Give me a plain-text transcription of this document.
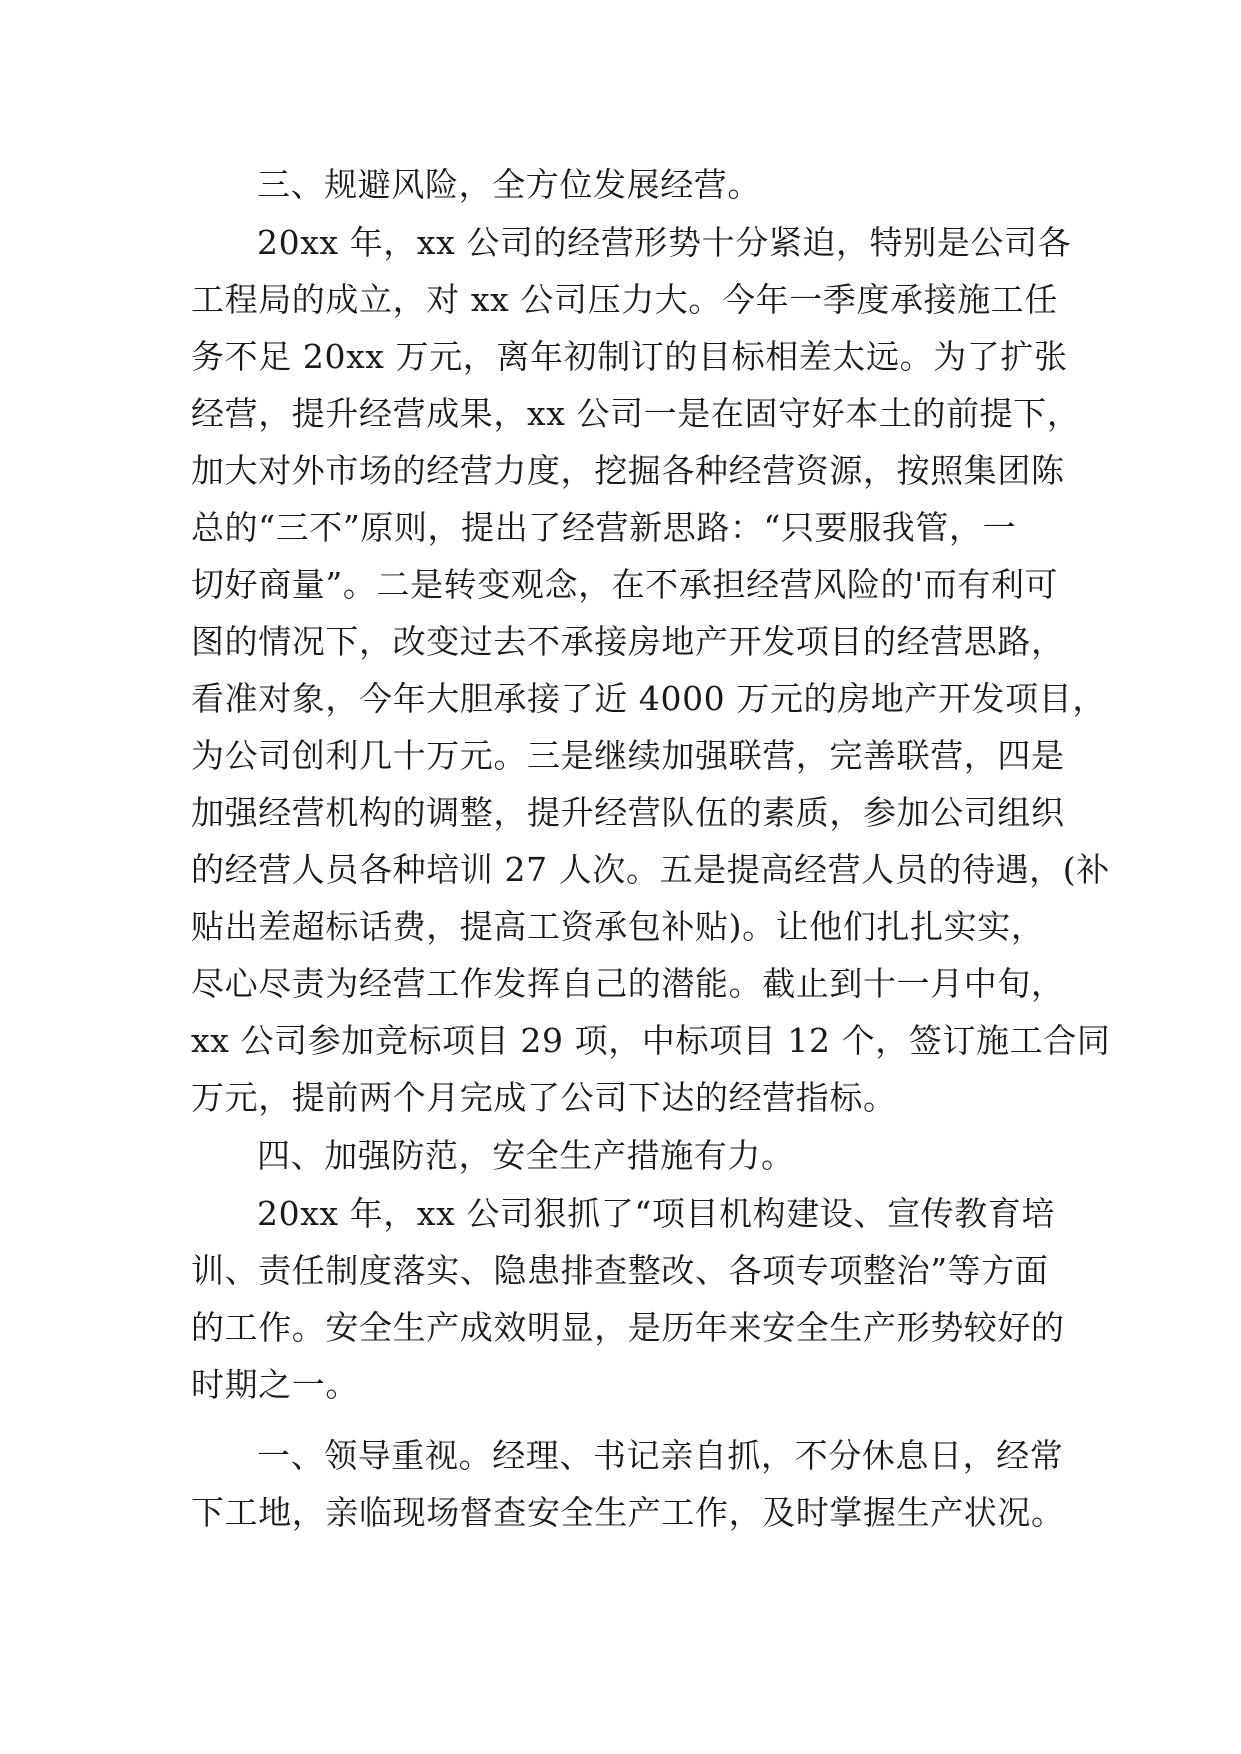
三、规避风险，全方位发展经营。
20xx 年，xx 公司的经营形势十分紧迫，特别是公司各
工程局的成立，对 xx 公司压力大。今年一季度承接施工任
务不足 20xx 万元，离年初制订的目标相差太远。为了扩张
经营，提升经营成果，xx 公司一是在固守好本土的前提下，
加大对外市场的经营力度，挖掘各种经营资源，按照集团陈
总的“三不”原则，提出了经营新思路：“只要服我管，一
切好商量”。二是转变观念，在不承担经营风险的'而有利可
图的情况下，改变过去不承接房地产开发项目的经营思路，
看准对象，今年大胆承接了近 4000 万元的房地产开发项目，
为公司创利几十万元。三是继续加强联营，完善联营，四是
加强经营机构的调整，提升经营队伍的素质，参加公司组织
的经营人员各种培训 27 人次。五是提高经营人员的待遇，(补
贴出差超标话费，提高工资承包补贴)。让他们扎扎实实，
尽心尽责为经营工作发挥自己的潜能。截止到十一月中旬，
xx 公司参加竞标项目 29 项，中标项目 12 个，签订施工合同
万元，提前两个月完成了公司下达的经营指标。
四、加强防范，安全生产措施有力。
20xx 年，xx 公司狠抓了“项目机构建设、宣传教育培
训、责任制度落实、隐患排查整改、各项专项整治”等方面
的工作。安全生产成效明显，是历年来安全生产形势较好的
时期之一。
一、领导重视。经理、书记亲自抓，不分休息日，经常
下工地，亲临现场督查安全生产工作，及时掌握生产状况。
